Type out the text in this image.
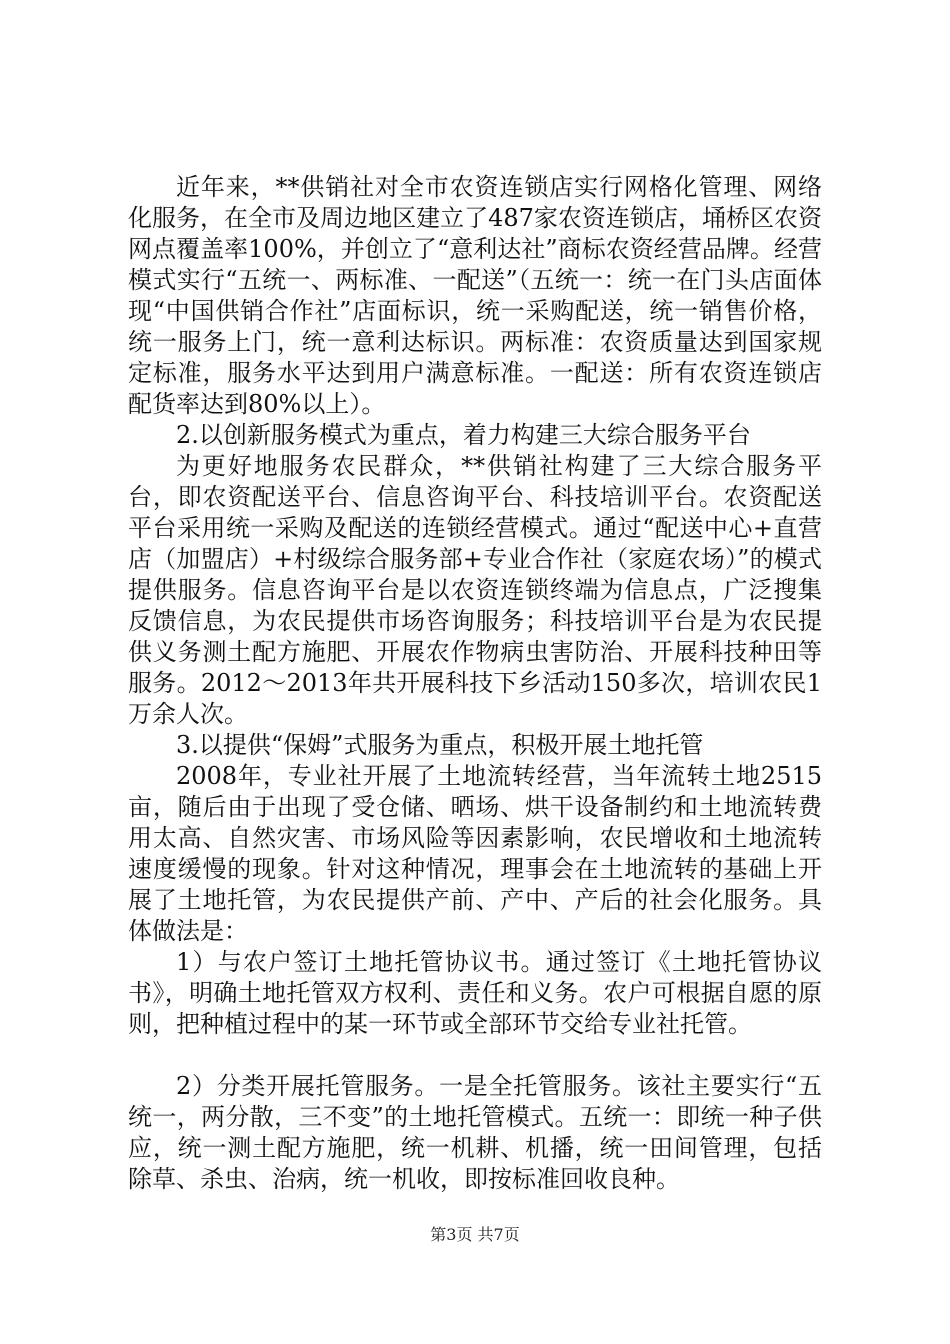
近年来，**供销社对全市农资连锁店实行网格化管理、网络化服务，在全市及周边地区建立了487家农资连锁店，埇桥区农资网点覆盖率100%，并创立了“意利达社”商标农资经营品牌。经营模式实行“五统一、两标准、一配送”（五统一：统一在门头店面体现“中国供销合作社”店面标识，统一采购配送，统一销售价格，统一服务上门，统一意利达标识。两标准：农资质量达到国家规定标准，服务水平达到用户满意标准。一配送：所有农资连锁店配货率达到80%以上）。

2.以创新服务模式为重点，着力构建三大综合服务平台

为更好地服务农民群众，**供销社构建了三大综合服务平台，即农资配送平台、信息咨询平台、科技培训平台。农资配送平台采用统一采购及配送的连锁经营模式。通过“配送中心+直营店（加盟店）+村级综合服务部+专业合作社（家庭农场）”的模式提供服务。信息咨询平台是以农资连锁终端为信息点，广泛搜集反馈信息，为农民提供市场咨询服务；科技培训平台是为农民提供义务测土配方施肥、开展农作物病虫害防治、开展科技种田等服务。2012～2013年共开展科技下乡活动150多次，培训农民1万余人次。

3.以提供“保姆”式服务为重点，积极开展土地托管

2008年，专业社开展了土地流转经营，当年流转土地2515亩，随后由于出现了受仓储、晒场、烘干设备制约和土地流转费用太高、自然灾害、市场风险等因素影响，农民增收和土地流转速度缓慢的现象。针对这种情况，理事会在土地流转的基础上开展了土地托管，为农民提供产前、产中、产后的社会化服务。具体做法是：

1）与农户签订土地托管协议书。通过签订《土地托管协议书》，明确土地托管双方权利、责任和义务。农户可根据自愿的原则，把种植过程中的某一环节或全部环节交给专业社托管。

2）分类开展托管服务。一是全托管服务。该社主要实行“五统一，两分散，三不变”的土地托管模式。五统一：即统一种子供应，统一测土配方施肥，统一机耕、机播，统一田间管理，包括除草、杀虫、治病，统一机收，即按标准回收良种。

第3页 共7页
